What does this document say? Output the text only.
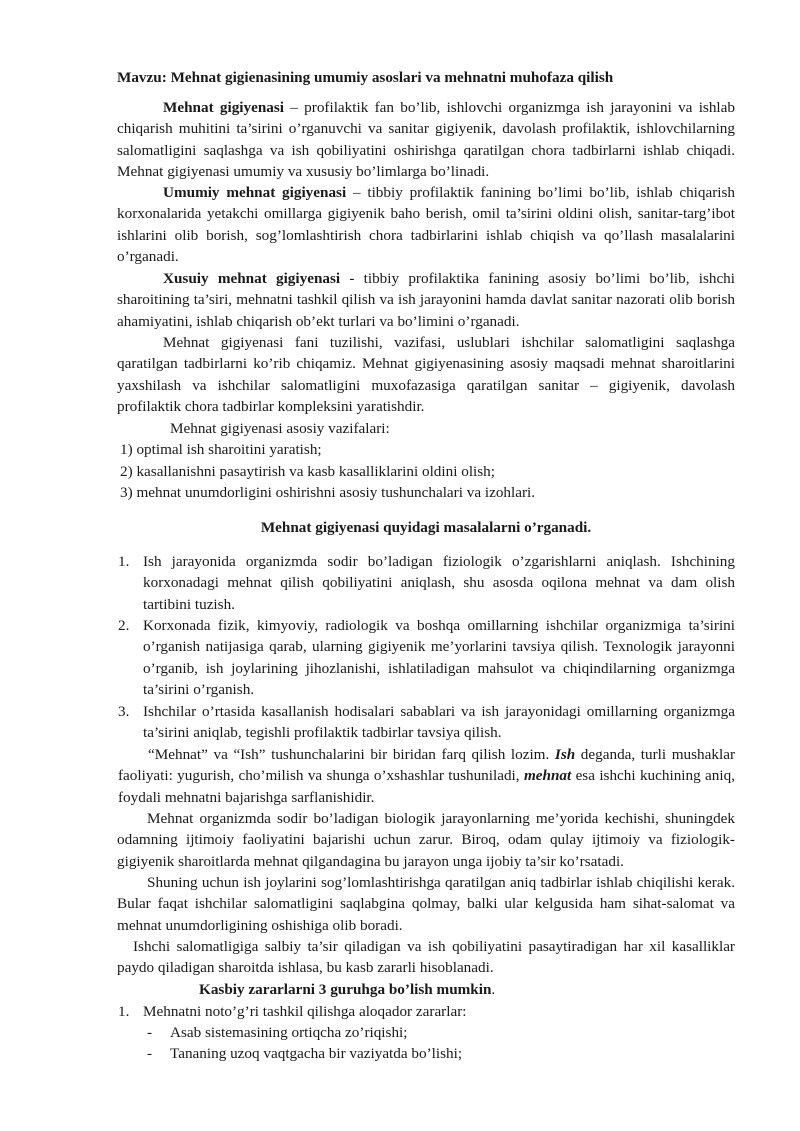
Mavzu: Mehnat gigienasining umumiy asoslari va mehnatni muhofaza qilish
Mehnat gigiyenasi – profilaktik fan bo’lib, ishlovchi organizmga ish jarayonini va ishlab chiqarish muhitini ta’sirini o’rganuvchi va sanitar gigiyenik, davolash profilaktik, ishlovchilarning salomatligini saqlashga va ish qobiliyatini oshirishga qaratilgan chora tadbirlarni ishlab chiqadi. Mehnat gigiyenasi umumiy va xususiy bo’limlarga bo’linadi.
Umumiy mehnat gigiyenasi – tibbiy profilaktik fanining bo’limi bo’lib, ishlab chiqarish korxonalarida yetakchi omillarga gigiyenik baho berish, omil ta’sirini oldini olish, sanitar-targ’ibot ishlarini olib borish, sog’lomlashtirish chora tadbirlarini ishlab chiqish va qo’llash masalalarini o’rganadi.
Xusuiy mehnat gigiyenasi - tibbiy profilaktika fanining asosiy bo’limi bo’lib, ishchi sharoitining ta’siri, mehnatni tashkil qilish va ish jarayonini hamda davlat sanitar nazorati olib borish ahamiyatini, ishlab chiqarish ob’ekt turlari va bo’limini o’rganadi.
Mehnat gigiyenasi fani tuzilishi, vazifasi, uslublari ishchilar salomatligini saqlashga qaratilgan tadbirlarni ko’rib chiqamiz. Mehnat gigiyenasining asosiy maqsadi mehnat sharoitlarini yaxshilash va ishchilar salomatligini muxofazasiga qaratilgan sanitar – gigiyenik, davolash profilaktik chora tadbirlar kompleksini yaratishdir.
Mehnat gigiyenasi asosiy vazifalari:
1) optimal ish sharoitini yaratish;
2) kasallanishni pasaytirish va kasb kasalliklarini oldini olish;
3) mehnat unumdorligini oshirishni asosiy tushunchalari va izohlari.
Mehnat gigiyenasi quyidagi masalalarni o’rganadi.
1. Ish jarayonida organizmda sodir bo’ladigan fiziologik o’zgarishlarni aniqlash. Ishchining korxonadagi mehnat qilish qobiliyatini aniqlash, shu asosda oqilona mehnat va dam olish tartibini tuzish.
2. Korxonada fizik, kimyoviy, radiologik va boshqa omillarning ishchilar organizmiga ta’sirini o’rganish natijasiga qarab, ularning gigiyenik me’yorlarini tavsiya qilish. Texnologik jarayonni o’rganib, ish joylarining jihozlanishi, ishlatiladigan mahsulot va chiqindilarning organizmga ta’sirini o’rganish.
3. Ishchilar o’rtasida kasallanish hodisalari sabablari va ish jarayonidagi omillarning organizmga ta’sirini aniqlab, tegishli profilaktik tadbirlar tavsiya qilish.
“Mehnat” va “Ish” tushunchalarini bir biridan farq qilish lozim. Ish deganda, turli mushaklar faoliyati: yugurish, cho’milish va shunga o’xshashlar tushuniladi, mehnat esa ishchi kuchining aniq, foydali mehnatni bajarishga sarflanishidir.
Mehnat organizmda sodir bo’ladigan biologik jarayonlarning me’yorida kechishi, shuningdek odamning ijtimoiy faoliyatini bajarishi uchun zarur. Biroq, odam qulay ijtimoiy va fiziologik-gigiyenik sharoitlarda mehnat qilgandagina bu jarayon unga ijobiy ta’sir ko’rsatadi.
Shuning uchun ish joylarini sog’lomlashtirishga qaratilgan aniq tadbirlar ishlab chiqilishi kerak. Bular faqat ishchilar salomatligini saqlabgina qolmay, balki ular kelgusida ham sihat-salomat va mehnat unumdorligining oshishiga olib boradi.
Ishchi salomatligiga salbiy ta’sir qiladigan va ish qobiliyatini pasaytiradigan har xil kasalliklar paydo qiladigan sharoitda ishlasa, bu kasb zararli hisoblanadi.
Kasbiy zararlarni 3 guruhga bo’lish mumkin.
1. Mehnatni noto’g’ri tashkil qilishga aloqador zararlar:
- Asab sistemasining ortiqcha zo’riqishi;
- Tananing uzoq vaqtgacha bir vaziyatda bo’lishi;
